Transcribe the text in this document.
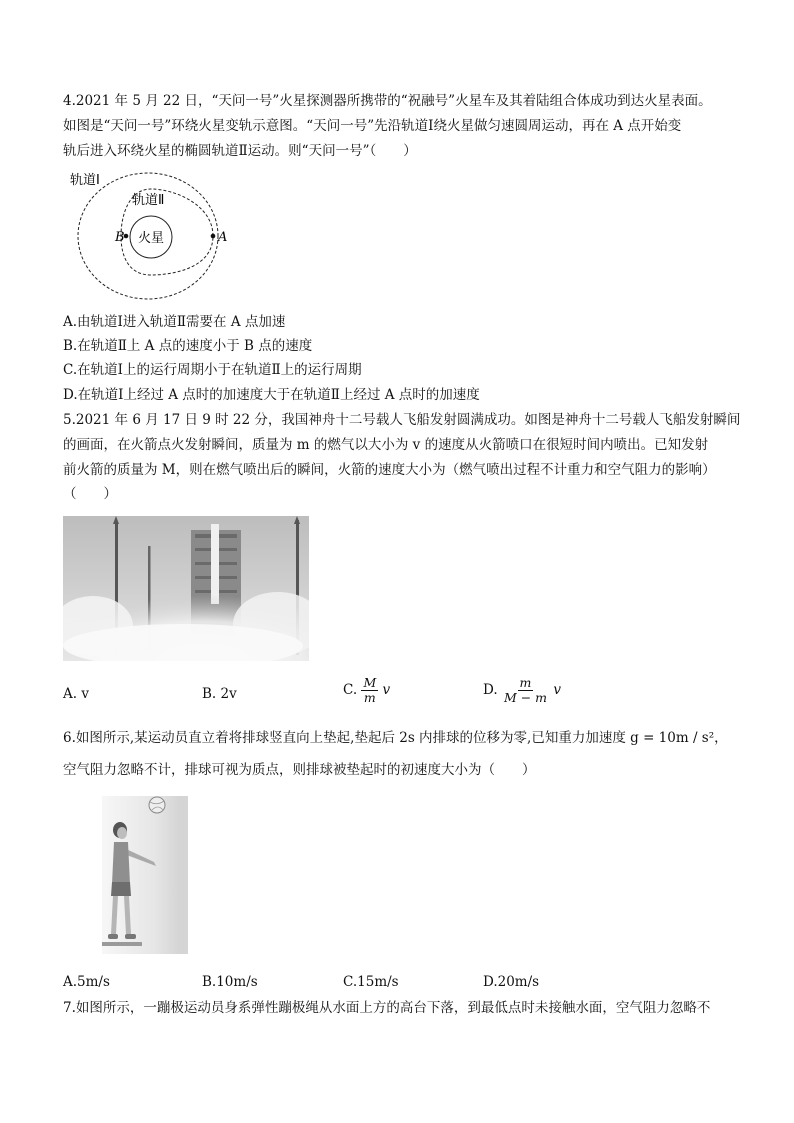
4.2021 年 5 月 22 日，“天问一号”火星探测器所携带的“祝融号”火星车及其着陆组合体成功到达火星表面。
如图是“天问一号”环绕火星变轨示意图。“天问一号”先沿轨道Ⅰ绕火星做匀速圆周运动，再在 A 点开始变
轨后进入环绕火星的椭圆轨道Ⅱ运动。则“天问一号”（　　）
火星	A
B
轨道Ⅰ
轨道Ⅱ
A.由轨道Ⅰ进入轨道Ⅱ需要在 A 点加速
B.在轨道Ⅱ上 A 点的速度小于 B 点的速度
C.在轨道Ⅰ上的运行周期小于在轨道Ⅱ上的运行周期
D.在轨道Ⅰ上经过 A 点时的加速度大于在轨道Ⅱ上经过 A 点时的加速度
5.2021 年 6 月 17 日 9 时 22 分，我国神舟十二号载人飞船发射圆满成功。如图是神舟十二号载人飞船发射瞬间
的画面，在火箭点火发射瞬间，质量为 m 的燃气以大小为 v 的速度从火箭喷口在很短时间内喷出。已知发射
前火箭的质量为 M，则在燃气喷出后的瞬间，火箭的速度大小为（燃气喷出过程不计重力和空气阻力的影响）
（　　）
A. v	B. 2v	C. $\frac{M}{m}$ v	D. $\frac{m}{M - m}$ v
6.如图所示,某运动员直立着将排球竖直向上垫起,垫起后 2s 内排球的位移为零,已知重力加速度 g = 10m / s²，
空气阻力忽略不计，排球可视为质点，则排球被垫起时的初速度大小为（　　）
A.5m/s	B.10m/s	C.15m/s	D.20m/s
7.如图所示，一蹦极运动员身系弹性蹦极绳从水面上方的高台下落，到最低点时未接触水面，空气阻力忽略不
